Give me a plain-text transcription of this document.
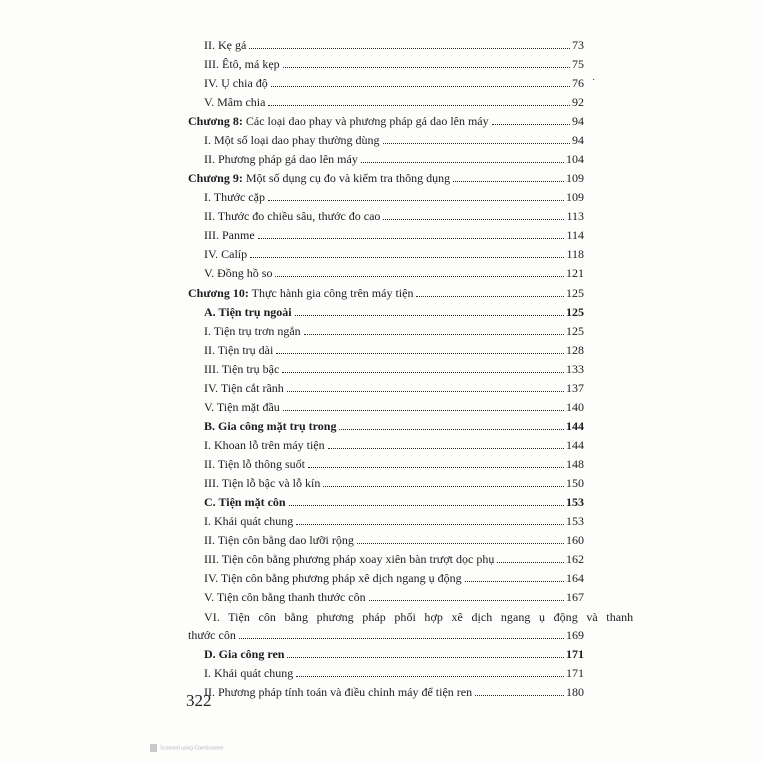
II. Kẹ gá	73
III. Êtô, má kẹp	75
IV. Ụ chia độ	76
V. Mâm chia	92
Chương 8: Các loại dao phay và phương pháp gá dao lên máy	94
I. Một số loại dao phay thường dùng	94
II. Phương pháp gá dao lên máy	104
Chương 9: Một số dụng cụ đo và kiểm tra thông dụng	109
I. Thước cặp	109
II. Thước đo chiều sâu, thước đo cao	113
III. Panme	114
IV. Calíp	118
V. Đồng hồ so	121
Chương 10: Thực hành gia công trên máy tiện	125
A. Tiện trụ ngoài	125
I. Tiện trụ trơn ngắn	125
II. Tiện trụ dài	128
III. Tiện trụ bậc	133
IV. Tiện cắt rãnh	137
V. Tiện mặt đầu	140
B. Gia công mặt trụ trong	144
I. Khoan lỗ trên máy tiện	144
II. Tiện lỗ thông suốt	148
III. Tiện lỗ bậc và lỗ kín	150
C. Tiện mặt côn	153
I. Khái quát chung	153
II. Tiện côn bằng dao lưỡi rộng	160
III. Tiện côn bằng phương pháp xoay xiên bàn trượt dọc phụ	162
IV. Tiện côn bằng phương pháp xê dịch ngang ụ động	164
V. Tiện côn bằng thanh thước côn	167
VI. Tiện côn bằng phương pháp phối hợp xê dịch ngang ụ động và thanh
thước côn	169
D. Gia công ren	171
I. Khái quát chung	171
II. Phương pháp tính toán và điều chỉnh máy để tiện ren	180
˙
322
Scanned using CamScanner
